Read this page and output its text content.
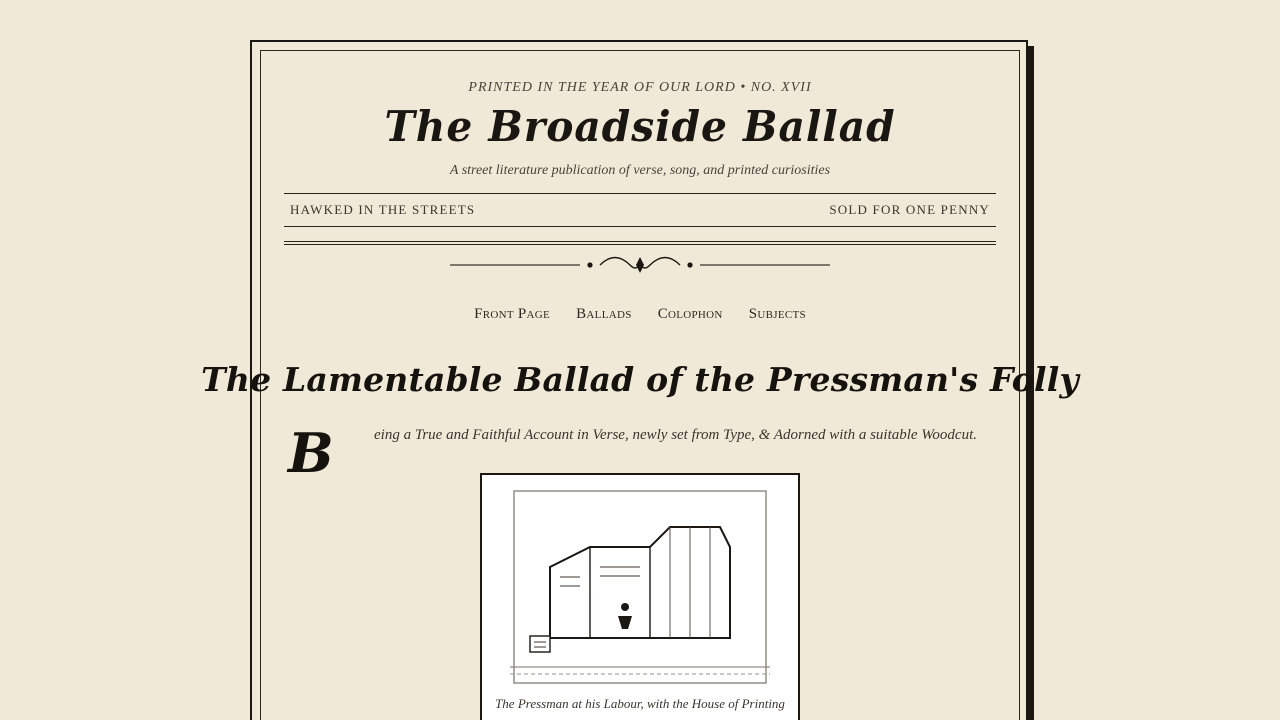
PRINTED IN THE YEAR OF OUR LORD • NO. XVII
The Broadside Ballad
A street literature publication of verse, song, and printed curiosities
HAWKED IN THE STREETS	SOLD FOR ONE PENNY
Front Page Ballads Colophon Subjects
The Lamentable Ballad of the Pressman's Folly
B	eing a True and Faithful Account in Verse, newly set from Type, & Adorned with a suitable Woodcut.
The Pressman at his Labour, with the House of Printing
